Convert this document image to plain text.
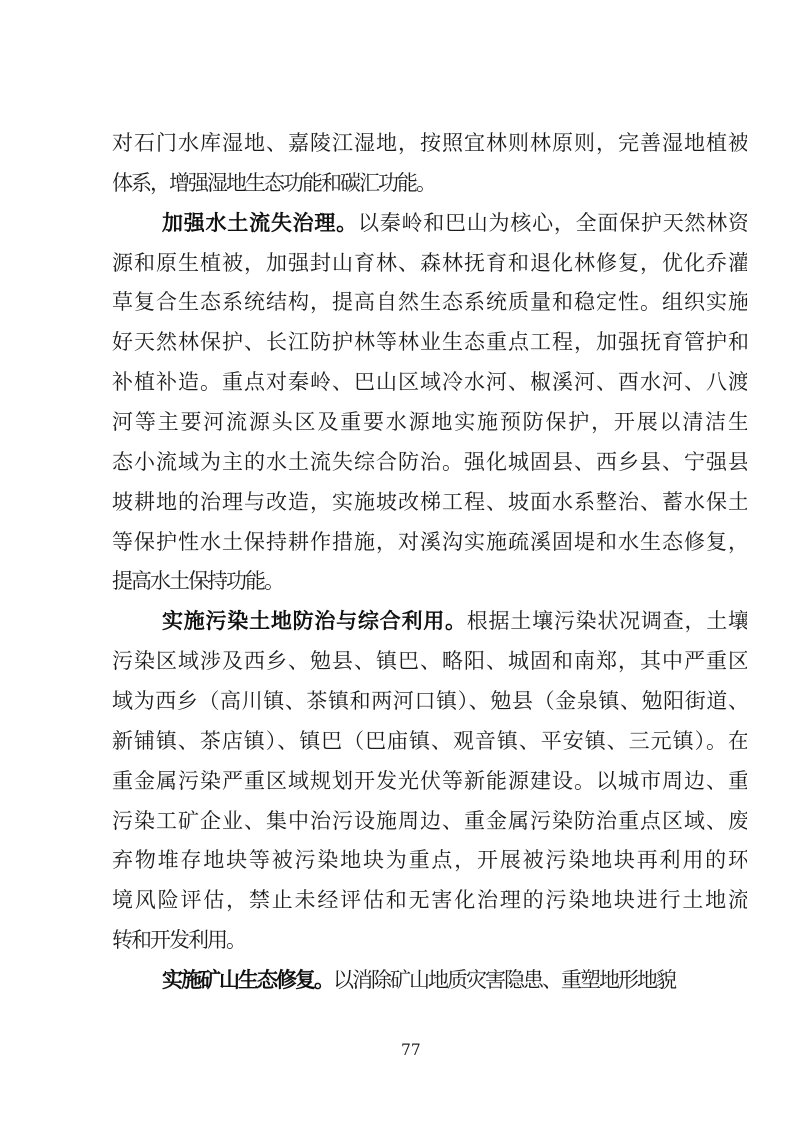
对石门水库湿地、嘉陵江湿地，按照宜林则林原则，完善湿地植被
体系，增强湿地生态功能和碳汇功能。
加强水土流失治理。以秦岭和巴山为核心，全面保护天然林资
源和原生植被，加强封山育林、森林抚育和退化林修复，优化乔灌
草复合生态系统结构，提高自然生态系统质量和稳定性。组织实施
好天然林保护、长江防护林等林业生态重点工程，加强抚育管护和
补植补造。重点对秦岭、巴山区域冷水河、椒溪河、酉水河、八渡
河等主要河流源头区及重要水源地实施预防保护，开展以清洁生
态小流域为主的水土流失综合防治。强化城固县、西乡县、宁强县
坡耕地的治理与改造，实施坡改梯工程、坡面水系整治、蓄水保土
等保护性水土保持耕作措施，对溪沟实施疏溪固堤和水生态修复，
提高水土保持功能。
实施污染土地防治与综合利用。根据土壤污染状况调查，土壤
污染区域涉及西乡、勉县、镇巴、略阳、城固和南郑，其中严重区
域为西乡（高川镇、茶镇和两河口镇）、勉县（金泉镇、勉阳街道、
新铺镇、茶店镇）、镇巴（巴庙镇、观音镇、平安镇、三元镇）。在
重金属污染严重区域规划开发光伏等新能源建设。以城市周边、重
污染工矿企业、集中治污设施周边、重金属污染防治重点区域、废
弃物堆存地块等被污染地块为重点，开展被污染地块再利用的环
境风险评估，禁止未经评估和无害化治理的污染地块进行土地流
转和开发利用。
实施矿山生态修复。以消除矿山地质灾害隐患、重塑地形地貌
77
